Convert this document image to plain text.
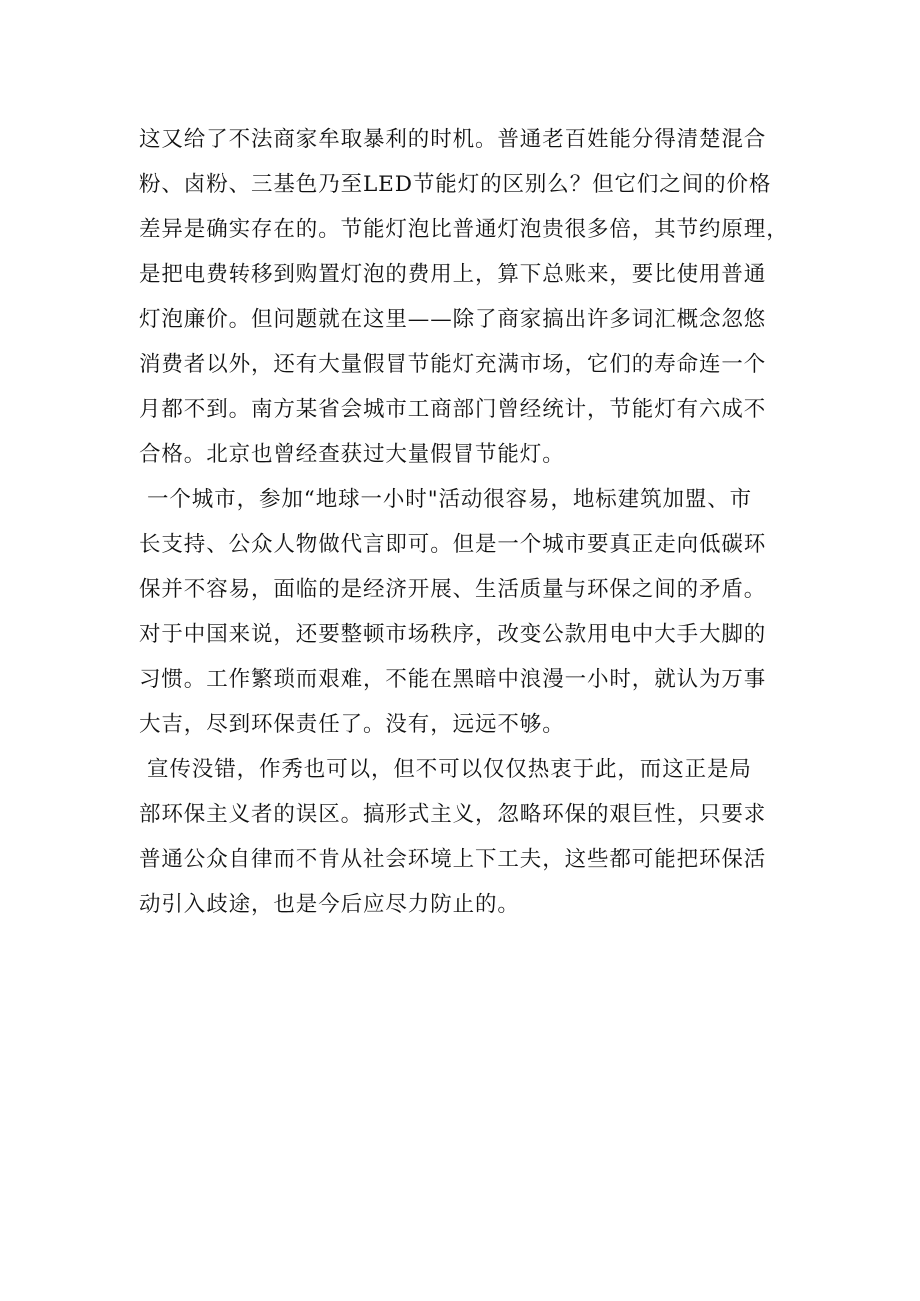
这又给了不法商家牟取暴利的时机。普通老百姓能分得清楚混合
粉、卤粉、三基色乃至LED节能灯的区别么？但它们之间的价格
差异是确实存在的。节能灯泡比普通灯泡贵很多倍，其节约原理，
是把电费转移到购置灯泡的费用上，算下总账来，要比使用普通
灯泡廉价。但问题就在这里——除了商家搞出许多词汇概念忽悠
消费者以外，还有大量假冒节能灯充满市场，它们的寿命连一个
月都不到。南方某省会城市工商部门曾经统计，节能灯有六成不
合格。北京也曾经查获过大量假冒节能灯。
一个城市，参加“地球一小时"活动很容易，地标建筑加盟、市
长支持、公众人物做代言即可。但是一个城市要真正走向低碳环
保并不容易，面临的是经济开展、生活质量与环保之间的矛盾。
对于中国来说，还要整顿市场秩序，改变公款用电中大手大脚的
习惯。工作繁琐而艰难，不能在黑暗中浪漫一小时，就认为万事
大吉，尽到环保责任了。没有，远远不够。
宣传没错，作秀也可以，但不可以仅仅热衷于此，而这正是局
部环保主义者的误区。搞形式主义，忽略环保的艰巨性，只要求
普通公众自律而不肯从社会环境上下工夫，这些都可能把环保活
动引入歧途，也是今后应尽力防止的。
